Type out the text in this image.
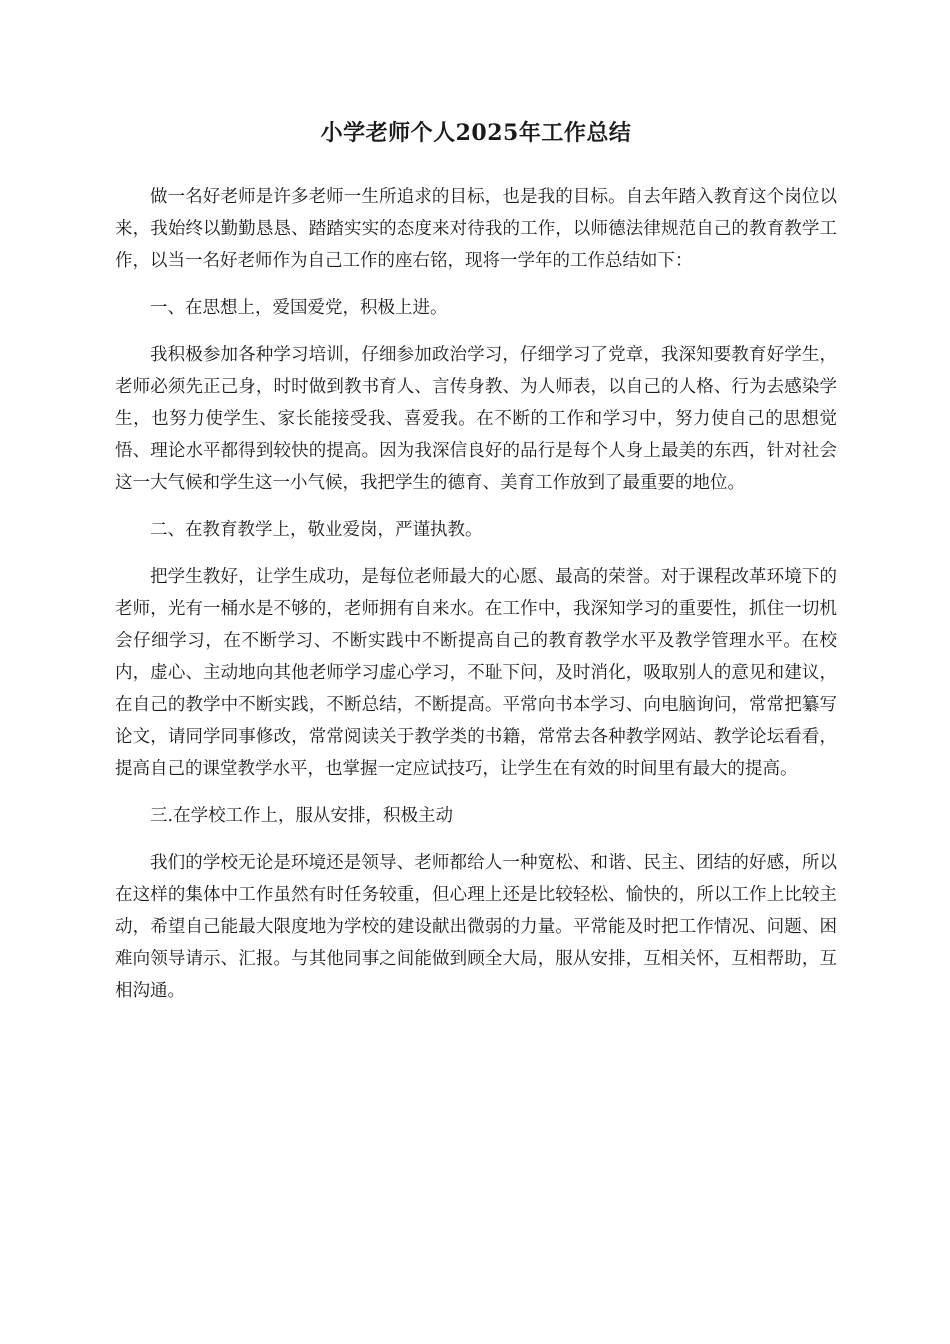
小学老师个人2025年工作总结

做一名好老师是许多老师一生所追求的目标，也是我的目标。自去年踏入教育这个岗位以来，我始终以勤勤恳恳、踏踏实实的态度来对待我的工作，以师德法律规范自己的教育教学工作，以当一名好老师作为自己工作的座右铭，现将一学年的工作总结如下：

一、在思想上，爱国爱党，积极上进。

我积极参加各种学习培训，仔细参加政治学习，仔细学习了党章，我深知要教育好学生，老师必须先正己身，时时做到教书育人、言传身教、为人师表，以自己的人格、行为去感染学生，也努力使学生、家长能接受我、喜爱我。在不断的工作和学习中，努力使自己的思想觉悟、理论水平都得到较快的提高。因为我深信良好的品行是每个人身上最美的东西，针对社会这一大气候和学生这一小气候，我把学生的德育、美育工作放到了最重要的地位。

二、在教育教学上，敬业爱岗，严谨执教。

把学生教好，让学生成功，是每位老师最大的心愿、最高的荣誉。对于课程改革环境下的老师，光有一桶水是不够的，老师拥有自来水。在工作中，我深知学习的重要性，抓住一切机会仔细学习，在不断学习、不断实践中不断提高自己的教育教学水平及教学管理水平。在校内，虚心、主动地向其他老师学习虚心学习，不耻下问，及时消化，吸取别人的意见和建议，在自己的教学中不断实践，不断总结，不断提高。平常向书本学习、向电脑询问，常常把纂写论文，请同学同事修改，常常阅读关于教学类的书籍，常常去各种教学网站、教学论坛看看，提高自己的课堂教学水平，也掌握一定应试技巧，让学生在有效的时间里有最大的提高。

三.在学校工作上，服从安排，积极主动

我们的学校无论是环境还是领导、老师都给人一种宽松、和谐、民主、团结的好感，所以在这样的集体中工作虽然有时任务较重，但心理上还是比较轻松、愉快的，所以工作上比较主动，希望自己能最大限度地为学校的建设献出微弱的力量。平常能及时把工作情况、问题、困难向领导请示、汇报。与其他同事之间能做到顾全大局，服从安排，互相关怀，互相帮助，互相沟通。
